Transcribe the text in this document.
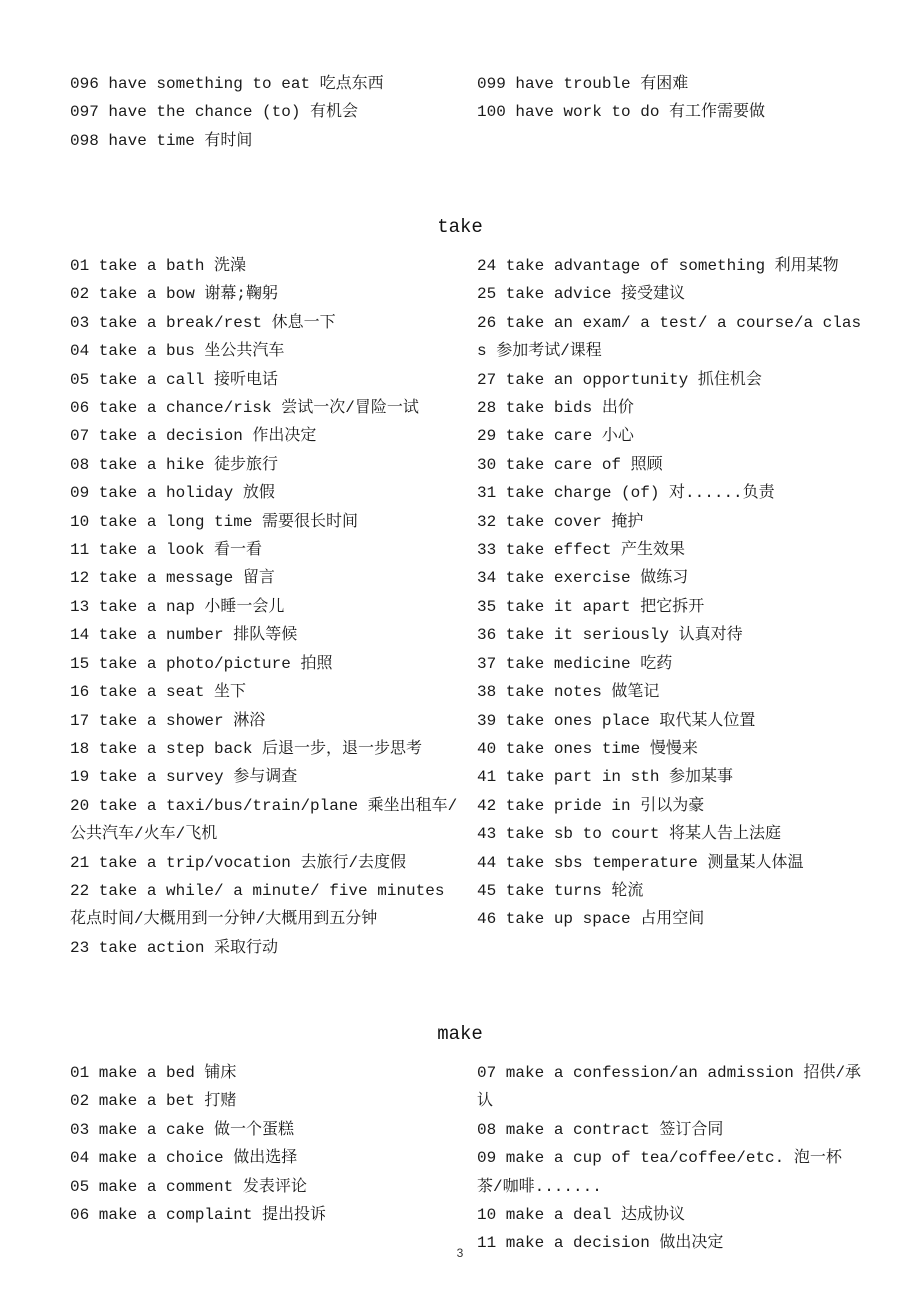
096 have something to eat 吃点东西
097 have the chance (to) 有机会
098 have time 有时间
099 have trouble 有困难
100 have work to do 有工作需要做
take
01 take a bath 洗澡
02 take a bow 谢幕;鞠躬
03 take a break/rest 休息一下
04 take a bus 坐公共汽车
05 take a call 接听电话
06 take a chance/risk 尝试一次/冒险一试
07 take a decision 作出决定
08 take a hike 徒步旅行
09 take a holiday 放假
10 take a long time 需要很长时间
11 take a look 看一看
12 take a message 留言
13 take a nap 小睡一会儿
14 take a number 排队等候
15 take a photo/picture 拍照
16 take a seat 坐下
17 take a shower 淋浴
18 take a step back 后退一步，退一步思考
19 take a survey 参与调查
20 take a taxi/bus/train/plane 乘坐出租车/公共汽车/火车/飞机
21 take a trip/vocation 去旅行/去度假
22 take a while/ a minute/ five minutes 花点时间/大概用到一分钟/大概用到五分钟
23 take action 采取行动
24 take advantage of something 利用某物
25 take advice 接受建议
26 take an exam/ a test/ a course/a class 参加考试/课程
27 take an opportunity 抓住机会
28 take bids 出价
29 take care 小心
30 take care of 照顾
31 take charge (of) 对......负责
32 take cover 掩护
33 take effect 产生效果
34 take exercise 做练习
35 take it apart 把它拆开
36 take it seriously 认真对待
37 take medicine 吃药
38 take notes 做笔记
39 take ones place 取代某人位置
40 take ones time 慢慢来
41 take part in sth 参加某事
42 take pride in 引以为豪
43 take sb to court 将某人告上法庭
44 take sbs temperature 测量某人体温
45 take turns 轮流
46 take up space 占用空间
make
01 make a bed 铺床
02 make a bet 打赌
03 make a cake 做一个蛋糕
04 make a choice 做出选择
05 make a comment 发表评论
06 make a complaint 提出投诉
07 make a confession/an admission 招供/承认
08 make a contract 签订合同
09 make a cup of tea/coffee/etc. 泡一杯茶/咖啡.......
10 make a deal 达成协议
11 make a decision 做出决定
3
